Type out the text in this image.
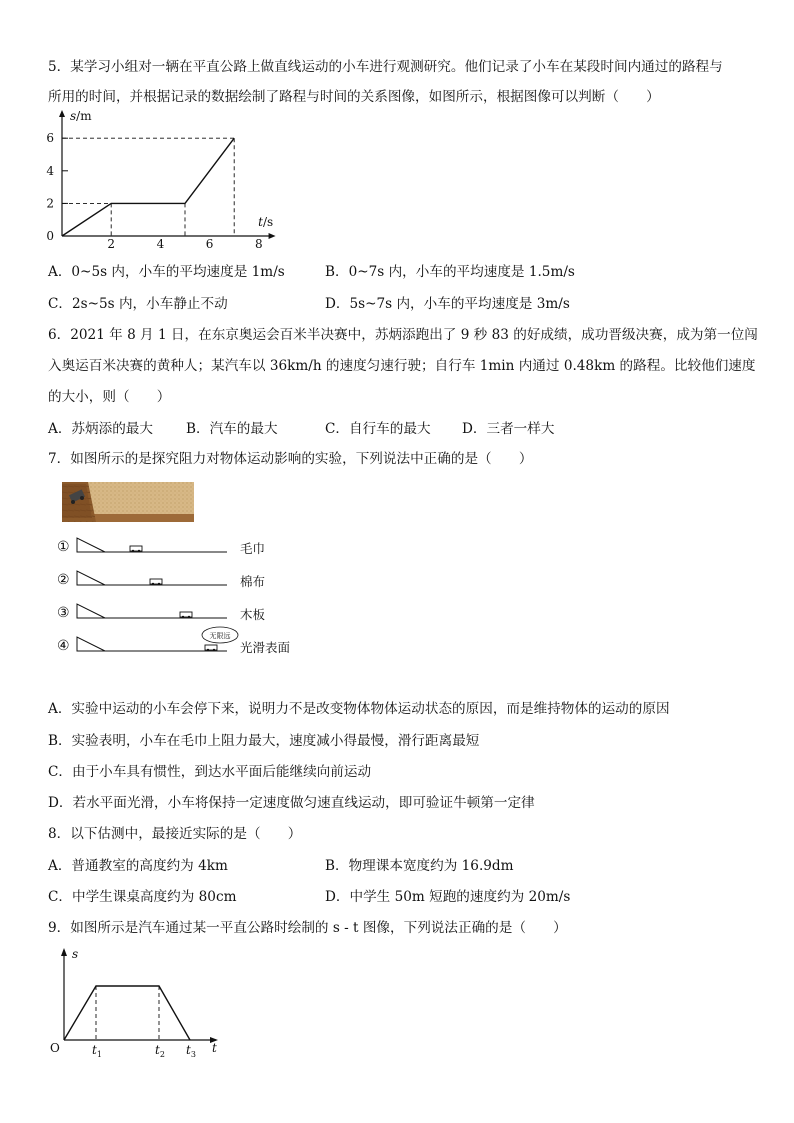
5．某学习小组对一辆在平直公路上做直线运动的小车进行观测研究。他们记录了小车在某段时间内通过的路程与
所用的时间，并根据记录的数据绘制了路程与时间的关系图像，如图所示，根据图像可以判断（　　）
0
2
4
6
2	4	6	8
s/m
t/s
A．0~5s 内，小车的平均速度是 1m/s	B．0~7s 内，小车的平均速度是 1.5m/s
C．2s~5s 内，小车静止不动	D．5s~7s 内，小车的平均速度是 3m/s
6．2021 年 8 月 1 日，在东京奥运会百米半决赛中，苏炳添跑出了 9 秒 83 的好成绩，成功晋级决赛，成为第一位闯
入奥运百米决赛的黄种人；某汽车以 36km/h 的速度匀速行驶；自行车 1min 内通过 0.48km 的路程。比较他们速度
的大小，则（　　）
A．苏炳添的最大 B．汽车的最大	C．自行车的最大 D．三者一样大
7．如图所示的是探究阻力对物体运动影响的实验，下列说法中正确的是（　　）
①	毛巾
②	棉布
③	木板
④	光滑表面
无限远
A．实验中运动的小车会停下来，说明力不是改变物体物体运动状态的原因，而是维持物体的运动的原因
B．实验表明，小车在毛巾上阻力最大，速度减小得最慢，滑行距离最短
C．由于小车具有惯性，到达水平面后能继续向前运动
D．若水平面光滑，小车将保持一定速度做匀速直线运动，即可验证牛顿第一定律
8．以下估测中，最接近实际的是（　　）
A．普通教室的高度约为 4km	B．物理课本宽度约为 16.9dm
C．中学生课桌高度约为 80cm	D．中学生 50m 短跑的速度约为 20m/s
9．如图所示是汽车通过某一平直公路时绘制的 s - t 图像，下列说法正确的是（　　）
s
t
O	$t_1$	$t_2$ $t_3$
